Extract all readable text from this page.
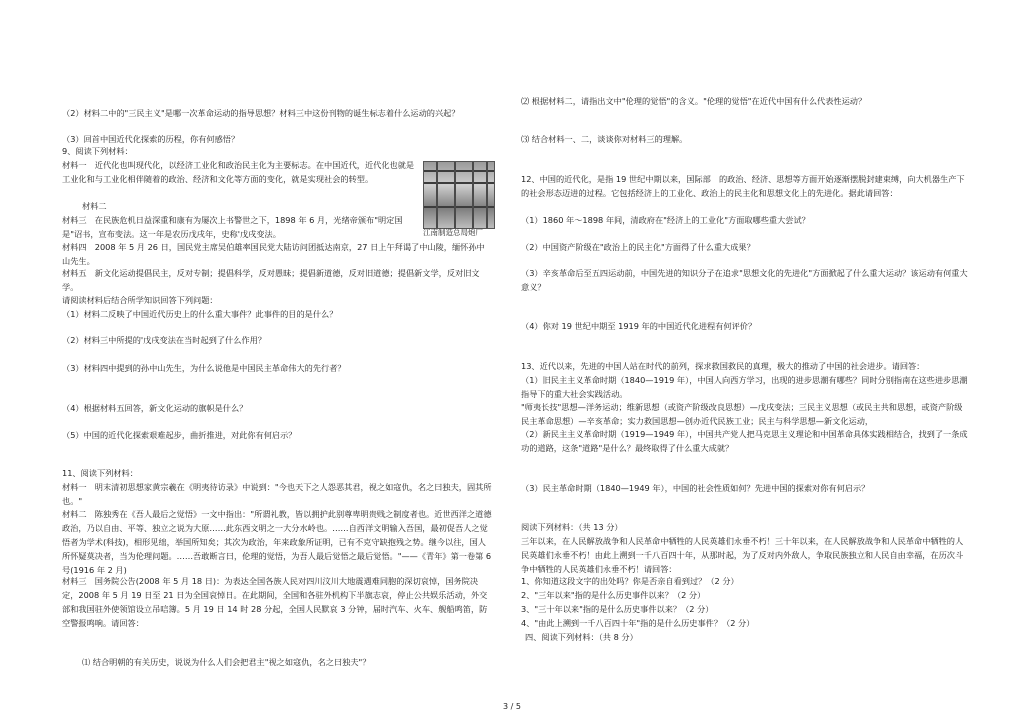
（2）材料二中的"三民主义"是哪一次革命运动的指导思想？材料三中这份刊物的诞生标志着什么运动的兴起？

（3）回首中国近代化探索的历程，你有何感悟？

9、阅读下列材料：

材料一　近代化也叫现代化，以经济工业化和政治民主化为主要标志。在中国近代，近代化也就是工业化和与工业化相伴随着的政治、经济和文化等方面的变化，就是实现社会的转型。

材料二

材料三　在民族危机日益深重和康有为屡次上书警世之下，1898 年 6 月，光绪帝颁布"明定国是"诏书，宣布变法。这一年是农历戊戌年，史称'戊戌变法。

材料四　2008 年 5 月 26 日，国民党主席吴伯雄率国民党大陆访问团抵达南京，27 日上午拜谒了中山陵，缅怀孙中山先生。

材料五　新文化运动提倡民主，反对专制；提倡科学，反对愚昧；提倡新道德，反对旧道德；提倡新文学，反对旧文学。

请阅读材料后结合所学知识回答下列问题：

（1）材料二反映了中国近代历史上的什么重大事件？此事件的目的是什么？

（2）材料三中所提的'戊戌变法在当时起到了什么作用？

（3）材料四中提到的孙中山先生，为什么说他是中国民主革命伟大的先行者？

（4）根据材料五回答，新文化运动的旗帜是什么？

（5）中国的近代化探索艰难起步，曲折推进，对此你有何启示？

11、阅读下列材料：

材料一　明末清初思想家黄宗羲在《明夷待访录》中说到："今也天下之人怨恶其君，视之如寇仇，名之曰独夫，固其所也。"

材料二　陈独秀在《吾人最后之觉悟》一文中指出："所谓礼教，皆以拥护此别尊卑明贵贱之制度者也。近世西洋之道德政治，乃以自由、平等、独立之说为大原……此东西文明之一大分水岭也。……自西洋文明输入吾国，最初促吾人之觉悟者为学术(科技)，相形见绌，举国所知矣；其次为政治，年来政象所证明，已有不克守缺抱残之势。继今以往，国人所怀疑莫决者，当为伦理问题。……吾敢断言曰，伦理的觉悟，为吾人最后觉悟之最后觉悟。"——《青年》第一卷第 6 号(1916 年 2 月)

材料三　国务院公告(2008 年 5 月 18 日)：为表达全国各族人民对四川汶川大地震遇难同胞的深切哀悼，国务院决定，2008 年 5 月 19 日至 21 日为全国哀悼日。在此期间，全国和各驻外机构下半旗志哀，停止公共娱乐活动，外交部和我国驻外使领馆设立吊唁簿。5 月 19 日 14 时 28 分起，全国人民默哀 3 分钟，届时汽车、火车、舰船鸣笛，防空警报鸣响。请回答：

⑴ 结合明朝的有关历史，说说为什么人们会把君主"视之如寇仇，名之曰独夫"？

江南制造总局炮厂

⑵ 根据材料二，请指出文中"伦理的觉悟"的含义。"伦理的觉悟"在近代中国有什么代表性运动？

⑶ 结合材料一、二，谈谈你对材料三的理解。

12、中国的近代化，是指 19 世纪中期以来，国际部　的政治、经济、思想等方面开始逐渐摆脱封建束缚，向大机器生产下的社会形态迈进的过程。它包括经济上的工业化、政治上的民主化和思想文化上的先进化。据此请回答：

（1）1860 年～1898 年间，清政府在"经济上的工业化"方面取哪些重大尝试？

（2）中国资产阶级在"政治上的民主化"方面得了什么重大成果？

（3）辛亥革命后至五四运动前，中国先进的知识分子在追求"思想文化的先进化"方面掀起了什么重大运动？该运动有何重大意义？

（4）你对 19 世纪中期至 1919 年的中国近代化进程有何评价？

13、近代以来，先进的中国人站在时代的前列，探求救国救民的真理，极大的推动了中国的社会进步。请回答：

（1）旧民主主义革命时期（1840—1919 年），中国人向西方学习，出现的进步思潮有哪些？同时分别指南在这些进步思潮指导下的重大社会实践活动。

"师夷长技"思想—洋务运动；维新思想（或资产阶级改良思想）—戊戌变法；三民主义思想（或民主共和思想，或资产阶级民主革命思想）—辛亥革命；实力救国思想—创办近代民族工业；民主与科学思想—新文化运动，

（2）新民主主义革命时期（1919—1949 年），中国共产党人把马克思主义理论和中国革命具体实践相结合，找到了一条成功的道路，这条"道路"是什么？最终取得了什么重大成就？

（3）民主革命时期（1840—1949 年），中国的社会性质如何？先进中国的探索对你有何启示？

阅读下列材料：（共 13 分）

三年以来，在人民解放战争和人民革命中牺牲的人民英雄们永垂不朽！三十年以来，在人民解放战争和人民革命中牺牲的人民英雄们永垂不朽！由此上溯到一千八百四十年，从那时起，为了反对内外敌人，争取民族独立和人民自由幸福，在历次斗争中牺牲的人民英雄们永垂不朽！请回答：

1、你知道这段文字的出处吗？你是否亲自看到过？（2 分）

2、"三年以来"指的是什么历史事件以来？（2 分）

3、"三十年以来"指的是什么历史事件以来？（2 分）

4、"由此上溯到一千八百四十年"指的是什么历史事件？（2 分）

四、阅读下列材料：（共 8 分）

3 / 5
